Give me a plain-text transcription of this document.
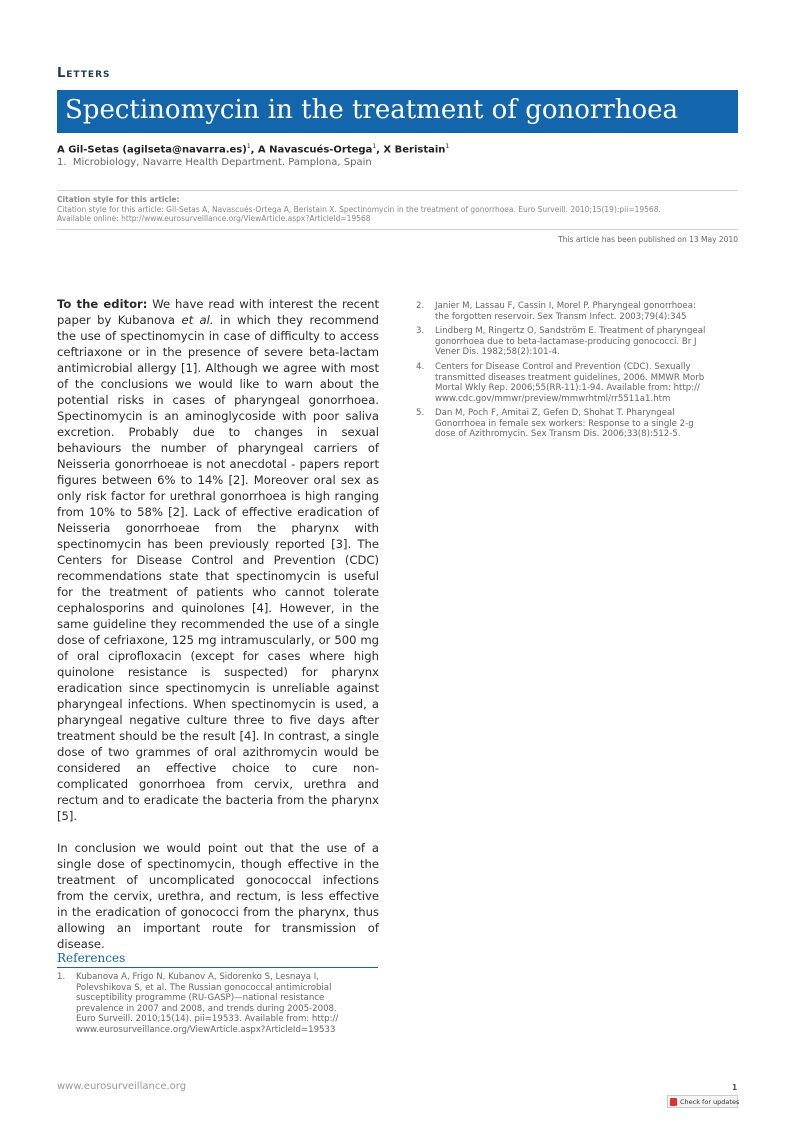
Letters
Spectinomycin in the treatment of gonorrhoea
A Gil-Setas (agilseta@navarra.es)$^1$, A Navascués-Ortega$^1$, X Beristain$^1$
1.  Microbiology, Navarre Health Department. Pamplona, Spain
Citation style for this article:
Citation style for this article: Gil-Setas A, Navascués-Ortega A, Beristain X. Spectinomycin in the treatment of gonorrhoea. Euro Surveill. 2010;15(19):pii=19568.
Available online: http://www.eurosurveillance.org/ViewArticle.aspx?ArticleId=19568
This article has been published on 13 May 2010

To the editor: We have read with interest the recent paper by Kubanova et al. in which they recommend the use of spectinomycin in case of difficulty to access ceftriaxone or in the presence of severe beta-lactam antimicrobial allergy [1]. Although we agree with most of the conclusions we would like to warn about the potential risks in cases of pharyngeal gonorrhoea. Spectinomycin is an aminoglycoside with poor saliva excretion. Probably due to changes in sexual behaviours the number of pharyngeal carriers of Neisseria gonorrhoeae is not anecdotal - papers report figures between 6% to 14% [2]. Moreover oral sex as only risk factor for urethral gonorrhoea is high ranging from 10% to 58% [2]. Lack of effective eradication of Neisseria gonorrhoeae from the pharynx with spectinomycin has been previously reported [3]. The Centers for Disease Control and Prevention (CDC) recommendations state that spectinomycin is useful for the treatment of patients who cannot tolerate cephalosporins and quinolones [4]. However, in the same guideline they recommended the use of a single dose of cefriaxone, 125 mg intramuscularly, or 500 mg of oral ciprofloxacin (except for cases where high quinolone resistance is suspected) for pharynx eradication since spectinomycin is unreliable against pharyngeal infections. When spectinomycin is used, a pharyngeal negative culture three to five days after treatment should be the result [4]. In contrast, a single dose of two grammes of oral azithromycin would be considered an effective choice to cure non-complicated gonorrhoea from cervix, urethra and rectum and to eradicate the bacteria from the pharynx [5].

In conclusion we would point out that the use of a single dose of spectinomycin, though effective in the treatment of uncomplicated gonococcal infections from the cervix, urethra, and rectum, is less effective in the eradication of gonococci from the pharynx, thus allowing an important route for transmission of disease.

References
1.	Kubanova A, Frigo N, Kubanov A, Sidorenko S, Lesnaya I,
Polevshikova S, et al. The Russian gonococcal antimicrobial
susceptibility programme (RU-GASP)—national resistance
prevalence in 2007 and 2008, and trends during 2005-2008.
Euro Surveill. 2010;15(14). pii=19533. Available from: http://
www.eurosurveillance.org/ViewArticle.aspx?ArticleId=19533
2.	Janier M, Lassau F, Cassin I, Morel P. Pharyngeal gonorrhoea:
the forgotten reservoir. Sex Transm Infect. 2003;79(4):345
3.	Lindberg M, Ringertz O, Sandström E. Treatment of pharyngeal
gonorrhoea due to beta-lactamase-producing gonococci. Br J
Vener Dis. 1982;58(2):101-4.
4.	Centers for Disease Control and Prevention (CDC). Sexually
transmitted diseases treatment guidelines, 2006. MMWR Morb
Mortal Wkly Rep. 2006;55(RR-11):1-94. Available from: http://
www.cdc.gov/mmwr/preview/mmwrhtml/rr5511a1.htm
5.	Dan M, Poch F, Amitai Z, Gefen D, Shohat T. Pharyngeal
Gonorrhoea in female sex workers: Response to a single 2-g
dose of Azithromycin. Sex Transm Dis. 2006;33(8):512-5.
www.eurosurveillance.org	1
Check for updates
